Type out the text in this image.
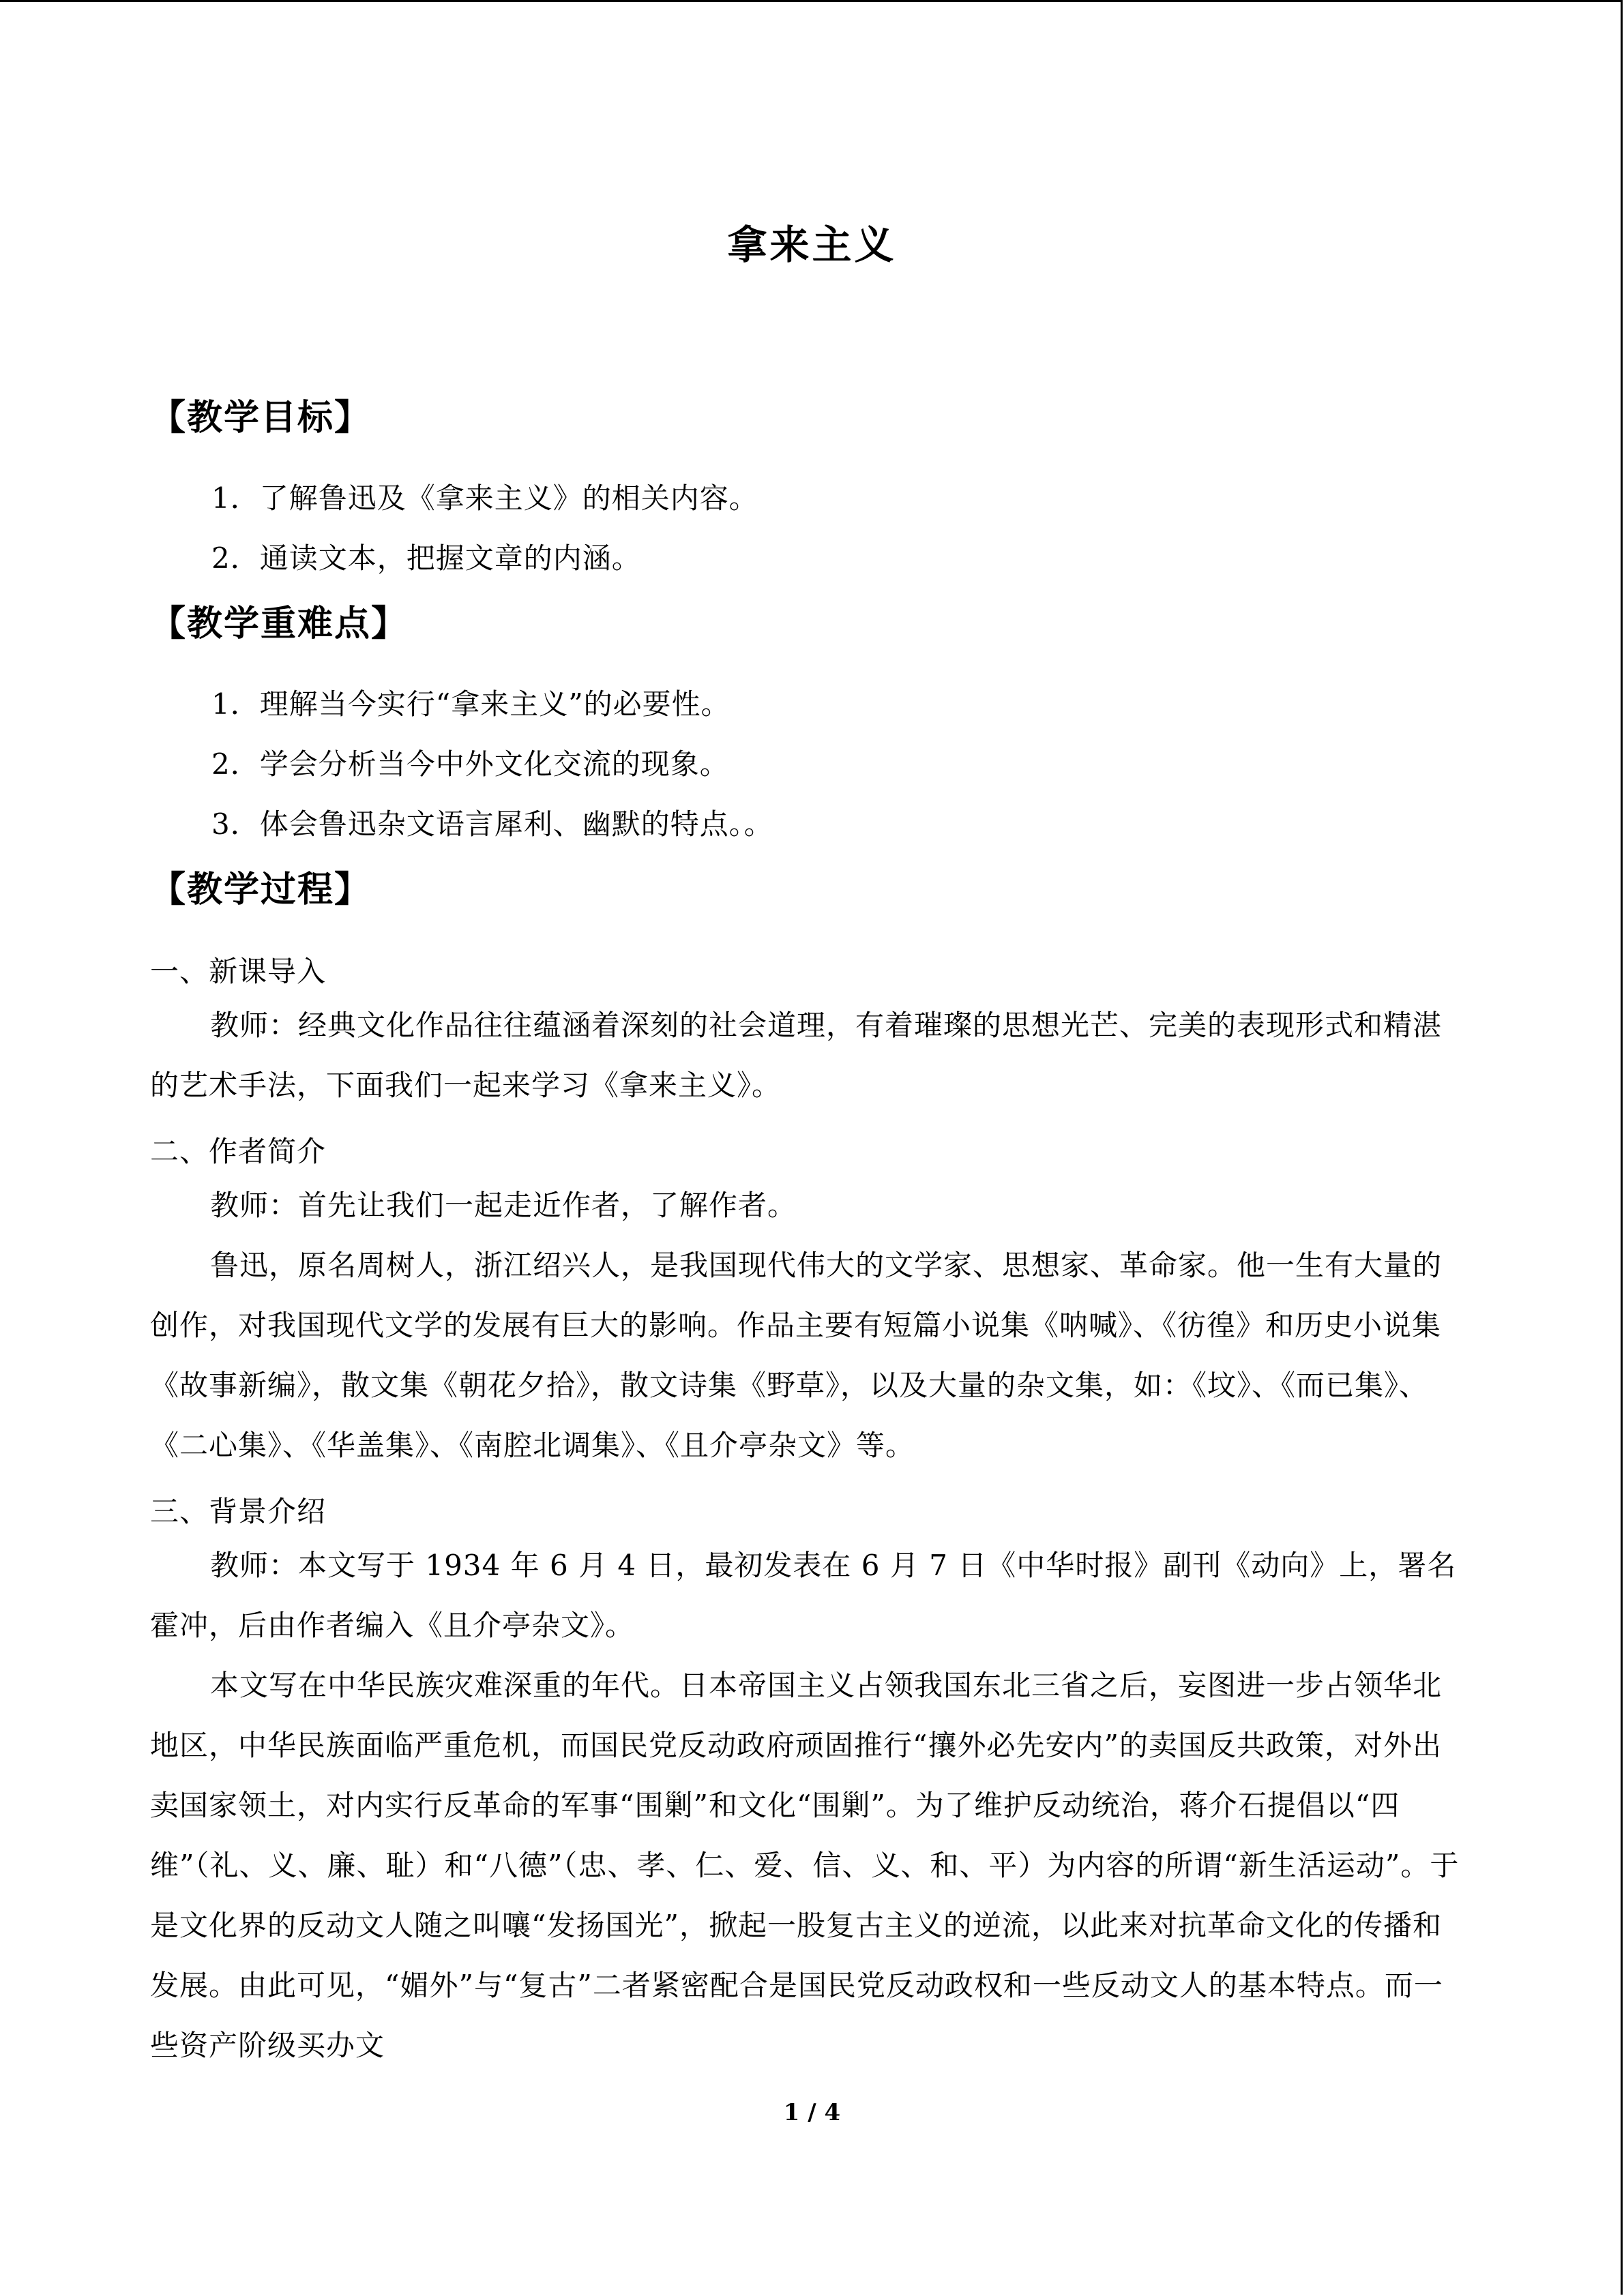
拿来主义
【教学目标】
1．了解鲁迅及《拿来主义》的相关内容。
2．通读文本，把握文章的内涵。
【教学重难点】
1．理解当今实行“拿来主义”的必要性。
2．学会分析当今中外文化交流的现象。
3．体会鲁迅杂文语言犀利、幽默的特点。。
【教学过程】
一、新课导入
教师：经典文化作品往往蕴涵着深刻的社会道理，有着璀璨的思想光芒、完美的表现形式和精湛的艺术手法，下面我们一起来学习《拿来主义》。
二、作者简介
教师：首先让我们一起走近作者，了解作者。
鲁迅，原名周树人，浙江绍兴人，是我国现代伟大的文学家、思想家、革命家。他一生有大量的创作，对我国现代文学的发展有巨大的影响。作品主要有短篇小说集《呐喊》、《彷徨》和历史小说集《故事新编》，散文集《朝花夕拾》，散文诗集《野草》，以及大量的杂文集，如：《坟》、《而已集》、《二心集》、《华盖集》、《南腔北调集》、《且介亭杂文》等。
三、背景介绍
教师：本文写于 1934 年 6 月 4 日，最初发表在 6 月 7 日《中华时报》副刊《动向》上，署名霍冲，后由作者编入《且介亭杂文》。
本文写在中华民族灾难深重的年代。日本帝国主义占领我国东北三省之后，妄图进一步占领华北地区，中华民族面临严重危机，而国民党反动政府顽固推行“攘外必先安内”的卖国反共政策，对外出卖国家领土，对内实行反革命的军事“围剿”和文化“围剿”。为了维护反动统治，蒋介石提倡以“四维”（礼、义、廉、耻）和“八德”（忠、孝、仁、爱、信、义、和、平）为内容的所谓“新生活运动”。于是文化界的反动文人随之叫嚷“发扬国光”，掀起一股复古主义的逆流，以此来对抗革命文化的传播和发展。由此可见，“媚外”与“复古”二者紧密配合是国民党反动政权和一些反动文人的基本特点。而一些资产阶级买办文
1 / 4
